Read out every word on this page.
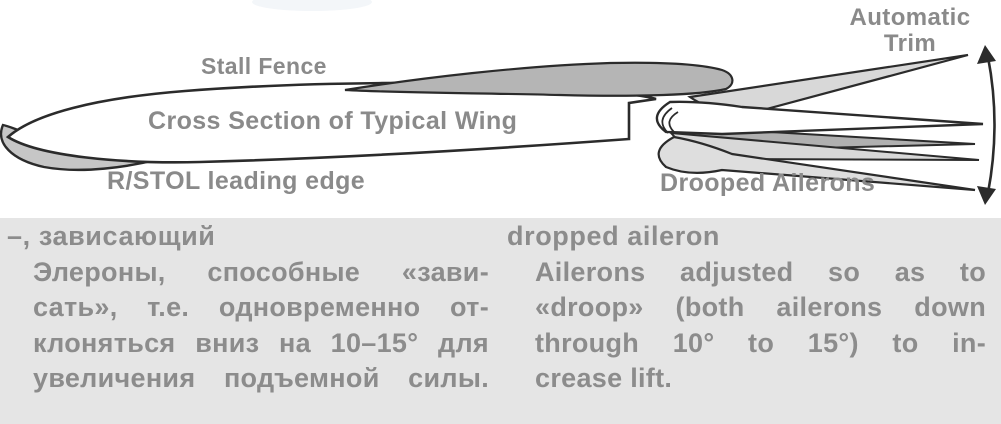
Stall Fence
Cross Section of Typical Wing
R/STOL leading edge
Automatic
Trim
Drooped Ailerons
–, зависающий
Элероны, способные «зави-
сать», т.е. одновременно от-
клоняться вниз на 10–15° для
увеличения подъемной силы.
dropped aileron
Ailerons adjusted so as to
«droop» (both ailerons down
through 10° to 15°) to in-
crease lift.
